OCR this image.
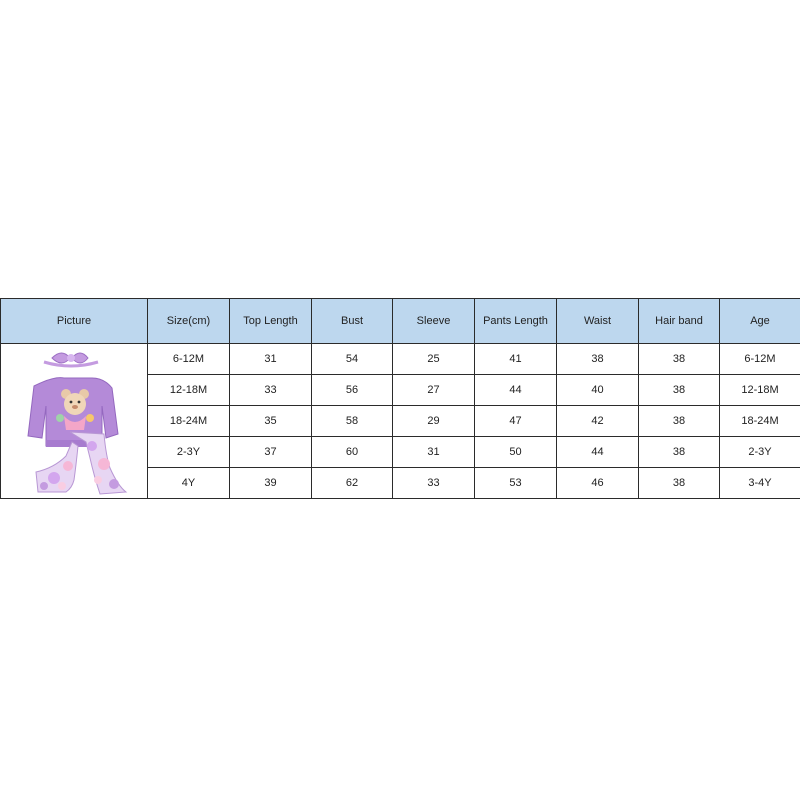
Picture	Size(cm)	Top Length	Bust	Sleeve	Pants Length	Waist	Hair band	Age

	6-12M	31	54	25	41	38	38	6-12M
	12-18M	33	56	27	44	40	38	12-18M
	18-24M	35	58	29	47	42	38	18-24M
	2-3Y	37	60	31	50	44	38	2-3Y
	4Y	39	62	33	53	46	38	3-4Y
